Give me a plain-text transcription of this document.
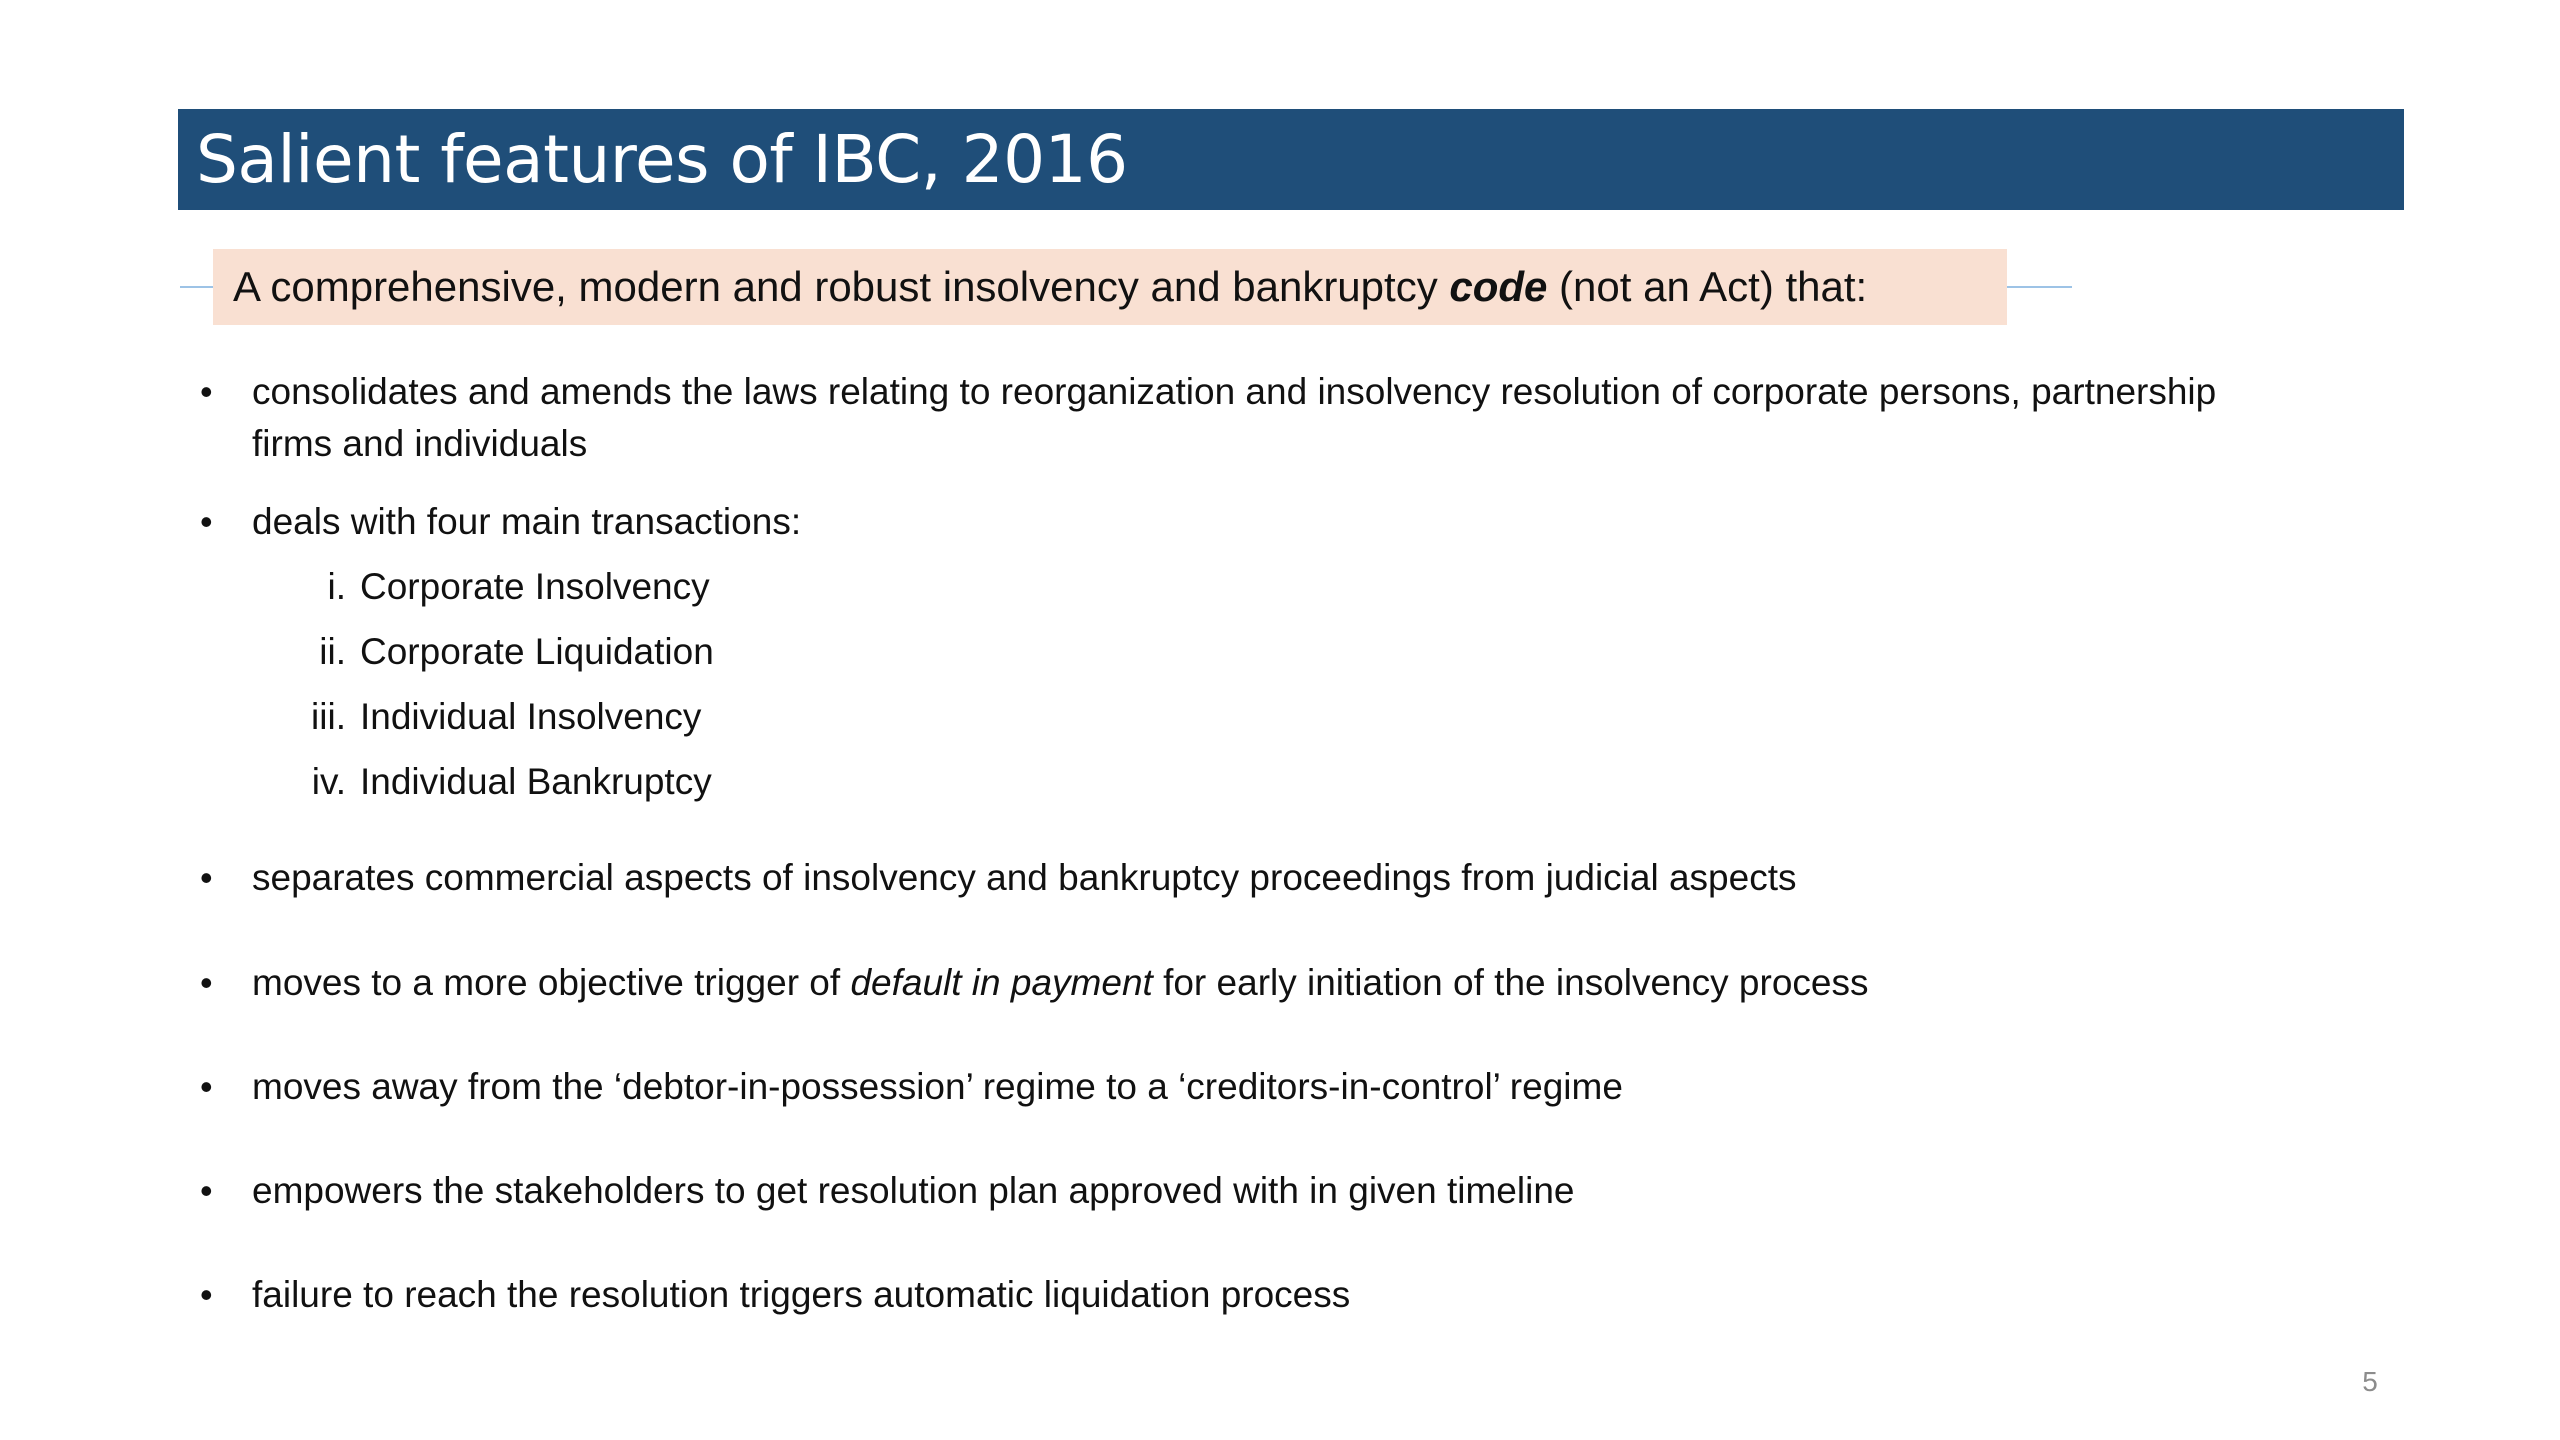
Salient features of IBC, 2016
A comprehensive, modern and robust insolvency and bankruptcy code (not an Act) that:
• consolidates and amends the laws relating to reorganization and insolvency resolution of corporate persons, partnership firms and individuals
• deals with four main transactions:
i. Corporate Insolvency
ii. Corporate Liquidation
iii. Individual Insolvency
iv. Individual Bankruptcy
• separates commercial aspects of insolvency and bankruptcy proceedings from judicial aspects
• moves to a more objective trigger of default in payment for early initiation of the insolvency process
• moves away from the ‘debtor-in-possession’ regime to a ‘creditors-in-control’ regime
• empowers the stakeholders to get resolution plan approved with in given timeline
• failure to reach the resolution triggers automatic liquidation process
5
